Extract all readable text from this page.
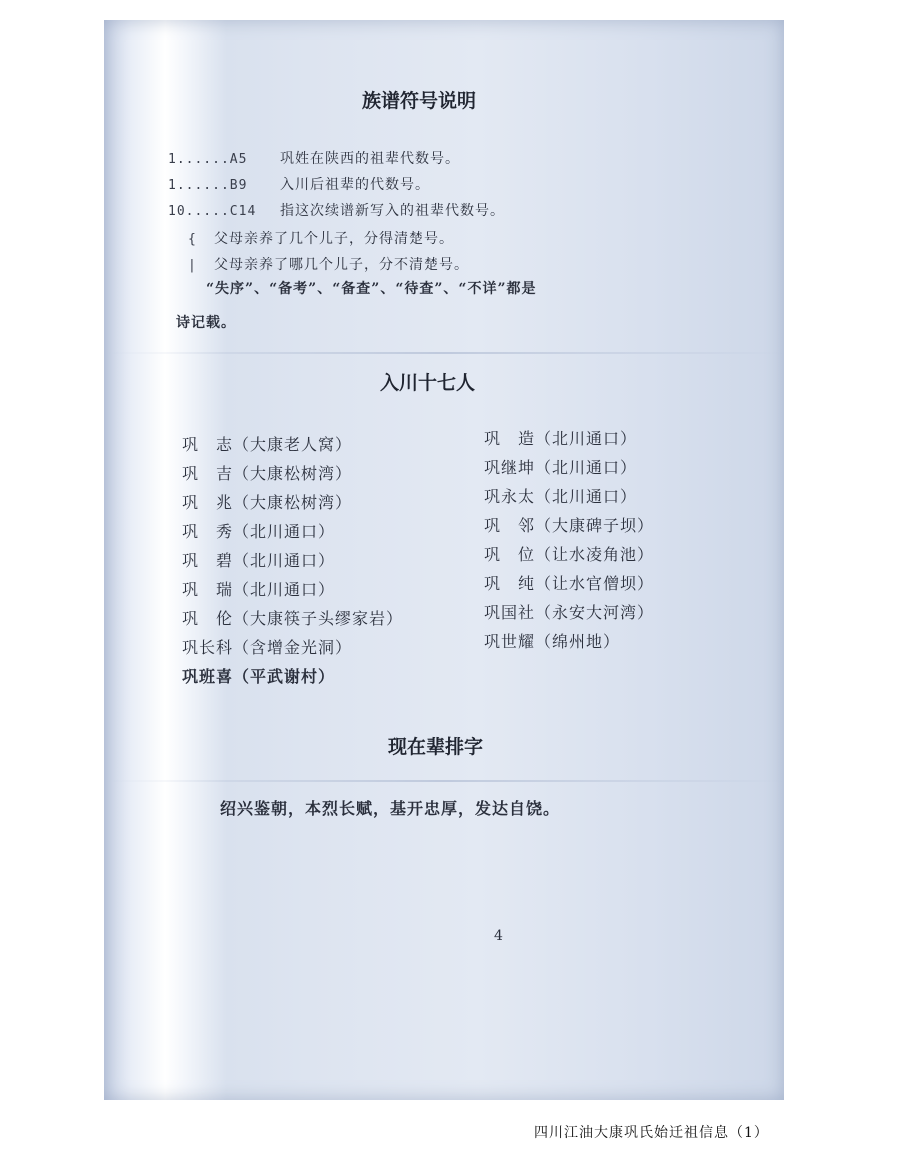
族谱符号说明
1......A5 巩姓在陕西的祖辈代数号。
1......B9 入川后祖辈的代数号。
10.....C14 指这次续谱新写入的祖辈代数号。
{ 父母亲养了几个儿子，分得清楚号。
| 父母亲养了哪几个儿子，分不清楚号。
“失序”、“备考”、“备查”、“待查”、“不详”都是
诗记载。
入川十七人
巩　志（大康老人窝）
巩　吉（大康松树湾）
巩　兆（大康松树湾）
巩　秀（北川通口）
巩　碧（北川通口）
巩　瑞（北川通口）
巩　伦（大康筷子头缪家岩）
巩长科（含增金光洞）
巩班喜（平武谢村）
巩　造（北川通口）
巩继坤（北川通口）
巩永太（北川通口）
巩　邻（大康碑子坝）
巩　位（让水凌角池）
巩　纯（让水官僧坝）
巩国社（永安大河湾）
巩世耀（绵州地）
现在辈排字
绍兴鉴朝，本烈长赋，基开忠厚，发达自饶。
4
四川江油大康巩氏始迁祖信息（1）
